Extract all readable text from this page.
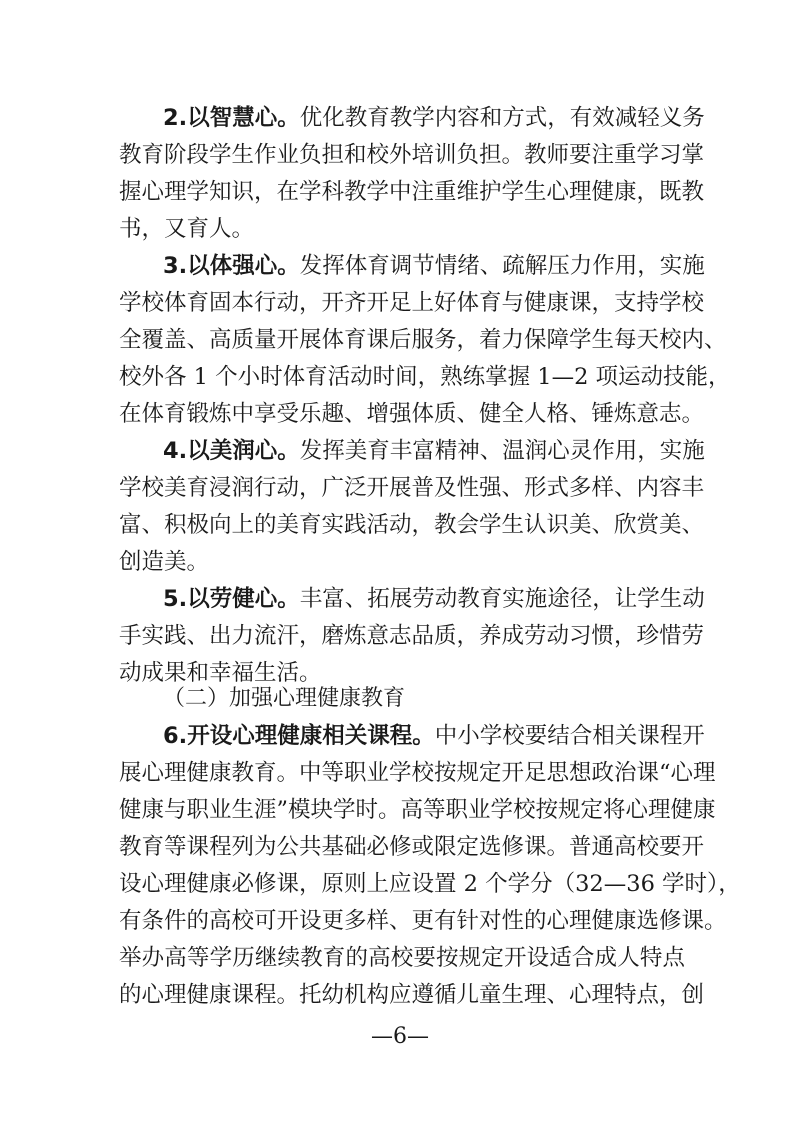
2.以智慧心。优化教育教学内容和方式，有效减轻义务
教育阶段学生作业负担和校外培训负担。教师要注重学习掌
握心理学知识，在学科教学中注重维护学生心理健康，既教
书，又育人。
3.以体强心。发挥体育调节情绪、疏解压力作用，实施
学校体育固本行动，开齐开足上好体育与健康课，支持学校
全覆盖、高质量开展体育课后服务，着力保障学生每天校内、
校外各 1 个小时体育活动时间，熟练掌握 1—2 项运动技能，
在体育锻炼中享受乐趣、增强体质、健全人格、锤炼意志。
4.以美润心。发挥美育丰富精神、温润心灵作用，实施
学校美育浸润行动，广泛开展普及性强、形式多样、内容丰
富、积极向上的美育实践活动，教会学生认识美、欣赏美、
创造美。
5.以劳健心。丰富、拓展劳动教育实施途径，让学生动
手实践、出力流汗，磨炼意志品质，养成劳动习惯，珍惜劳
动成果和幸福生活。
（二）加强心理健康教育
6.开设心理健康相关课程。中小学校要结合相关课程开
展心理健康教育。中等职业学校按规定开足思想政治课“心理
健康与职业生涯”模块学时。高等职业学校按规定将心理健康
教育等课程列为公共基础必修或限定选修课。普通高校要开
设心理健康必修课，原则上应设置 2 个学分（32—36 学时），
有条件的高校可开设更多样、更有针对性的心理健康选修课。
举办高等学历继续教育的高校要按规定开设适合成人特点
的心理健康课程。托幼机构应遵循儿童生理、心理特点，创
—6—
